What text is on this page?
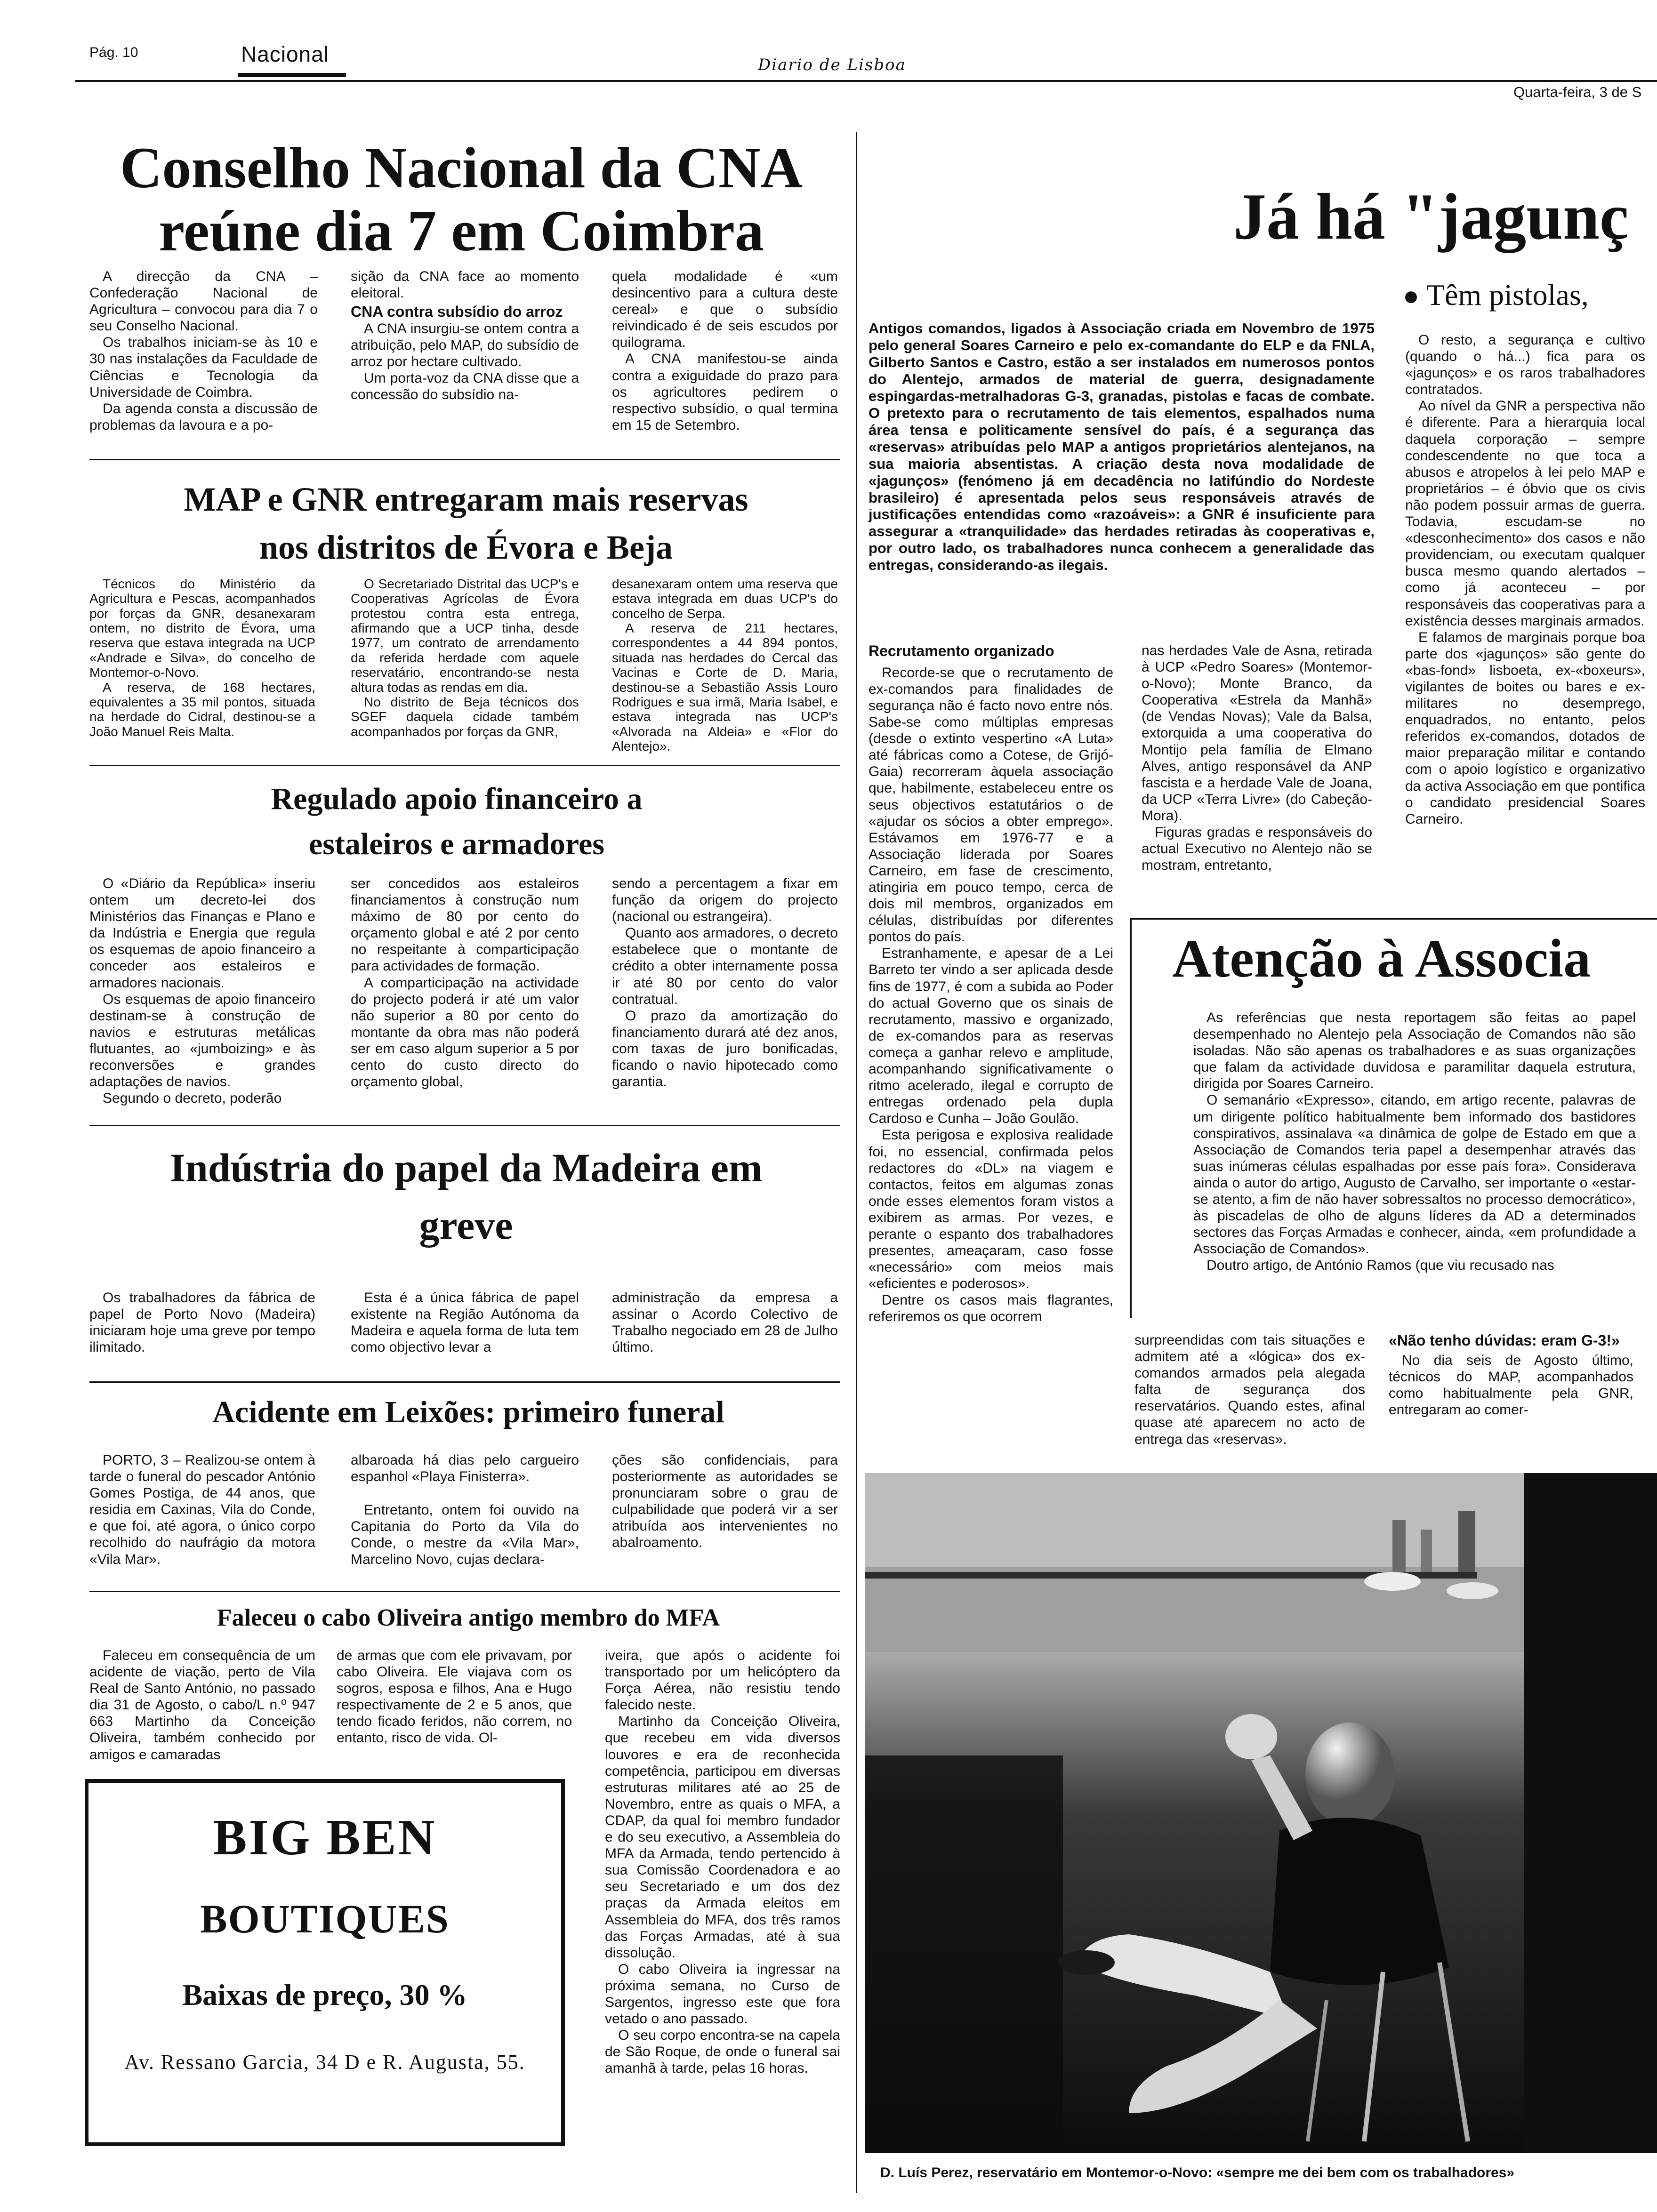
Pág. 10	Nacional	Diario de Lisboa
Quarta-feira, 3 de S
Conselho Nacional da CNA reúne dia 7 em Coimbra

A direcção da CNA – Confederação Nacional de Agricultura – convocou para dia 7 o seu Conselho Nacional.

Os trabalhos iniciam-se às 10 e 30 nas instalações da Faculdade de Ciências e Tecnologia da Universidade de Coimbra.

Da agenda consta a discussão de problemas da lavoura e a po-

sição da CNA face ao momento eleitoral.

CNA contra subsídio do arroz

A CNA insurgiu-se ontem contra a atribuição, pelo MAP, do subsídio de arroz por hectare cultivado.

Um porta-voz da CNA disse que a concessão do subsídio na-

quela modalidade é «um desincentivo para a cultura deste cereal» e que o subsídio reivindicado é de seis escudos por quilograma.

A CNA manifestou-se ainda contra a exiguidade do prazo para os agricultores pedirem o respectivo subsídio, o qual termina em 15 de Setembro.

MAP e GNR entregaram mais reservas nos distritos de Évora e Beja

Técnicos do Ministério da Agricultura e Pescas, acompanhados por forças da GNR, desanexaram ontem, no distrito de Évora, uma reserva que estava integrada na UCP «Andrade e Silva», do concelho de Montemor-o-Novo.

A reserva, de 168 hectares, equivalentes a 35 mil pontos, situada na herdade do Cidral, destinou-se a João Manuel Reis Malta.

O Secretariado Distrital das UCP's e Cooperativas Agrícolas de Évora protestou contra esta entrega, afirmando que a UCP tinha, desde 1977, um contrato de arrendamento da referida herdade com aquele reservatário, encontrando-se nesta altura todas as rendas em dia.

No distrito de Beja técnicos dos SGEF daquela cidade também acompanhados por forças da GNR,

desanexaram ontem uma reserva que estava integrada em duas UCP's do concelho de Serpa.

A reserva de 211 hectares, correspondentes a 44 894 pontos, situada nas herdades do Cercal das Vacinas e Corte de D. Maria, destinou-se a Sebastião Assis Louro Rodrigues e sua irmã, Maria Isabel, e estava integrada nas UCP's «Alvorada na Aldeia» e «Flor do Alentejo».

Regulado apoio financeiro a estaleiros e armadores

O «Diário da República» inseriu ontem um decreto-lei dos Ministérios das Finanças e Plano e da Indústria e Energia que regula os esquemas de apoio financeiro a conceder aos estaleiros e armadores nacionais.

Os esquemas de apoio financeiro destinam-se à construção de navios e estruturas metálicas flutuantes, ao «jumboizing» e às reconversões e grandes adaptações de navios.

Segundo o decreto, poderão

ser concedidos aos estaleiros financiamentos à construção num máximo de 80 por cento do orçamento global e até 2 por cento no respeitante à comparticipação para actividades de formação.

A comparticipação na actividade do projecto poderá ir até um valor não superior a 80 por cento do montante da obra mas não poderá ser em caso algum superior a 5 por cento do custo directo do orçamento global,

sendo a percentagem a fixar em função da origem do projecto (nacional ou estrangeira).

Quanto aos armadores, o decreto estabelece que o montante de crédito a obter internamente possa ir até 80 por cento do valor contratual.

O prazo da amortização do financiamento durará até dez anos, com taxas de juro bonificadas, ficando o navio hipotecado como garantia.

Indústria do papel da Madeira em greve

Os trabalhadores da fábrica de papel de Porto Novo (Madeira) iniciaram hoje uma greve por tempo ilimitado.

Esta é a única fábrica de papel existente na Região Autónoma da Madeira e aquela forma de luta tem como objectivo levar a

administração da empresa a assinar o Acordo Colectivo de Trabalho negociado em 28 de Julho último.

Acidente em Leixões: primeiro funeral

PORTO, 3 – Realizou-se ontem à tarde o funeral do pescador António Gomes Postiga, de 44 anos, que residia em Caxinas, Vila do Conde, e que foi, até agora, o único corpo recolhido do naufrágio da motora «Vila Mar».

albaroada há dias pelo cargueiro espanhol «Playa Finisterra».

Entretanto, ontem foi ouvido na Capitania do Porto da Vila do Conde, o mestre da «Vila Mar», Marcelino Novo, cujas declara-

ções são confidenciais, para posteriormente as autoridades se pronunciaram sobre o grau de culpabilidade que poderá vir a ser atribuída aos intervenientes no abalroamento.

Faleceu o cabo Oliveira antigo membro do MFA

Faleceu em consequência de um acidente de viação, perto de Vila Real de Santo António, no passado dia 31 de Agosto, o cabo/L n.º 947 663 Martinho da Conceição Oliveira, também conhecido por amigos e camaradas

de armas que com ele privavam, por cabo Oliveira. Ele viajava com os sogros, esposa e filhos, Ana e Hugo respectivamente de 2 e 5 anos, que tendo ficado feridos, não correm, no entanto, risco de vida. Ol-

iveira, que após o acidente foi transportado por um helicóptero da Força Aérea, não resistiu tendo falecido neste.

Martinho da Conceição Oliveira, que recebeu em vida diversos louvores e era de reconhecida competência, participou em diversas estruturas militares até ao 25 de Novembro, entre as quais o MFA, a CDAP, da qual foi membro fundador e do seu executivo, a Assembleia do MFA da Armada, tendo pertencido à sua Comissão Coordenadora e ao seu Secretariado e um dos dez praças da Armada eleitos em Assembleia do MFA, dos três ramos das Forças Armadas, até à sua dissolução.

O cabo Oliveira ia ingressar na próxima semana, no Curso de Sargentos, ingresso este que fora vetado o ano passado.

O seu corpo encontra-se na capela de São Roque, de onde o funeral sai amanhã à tarde, pelas 16 horas.

BIG BEN
BOUTIQUES
Baixas de preço, 30 %
Av. Ressano Garcia, 34 D e R. Augusta, 55.
Já há "jagunç
● Têm pistolas,
Antigos comandos, ligados à Associação criada em Novembro de 1975 pelo general Soares Carneiro e pelo ex-comandante do ELP e da FNLA, Gilberto Santos e Castro, estão a ser instalados em numerosos pontos do Alentejo, armados de material de guerra, designadamente espingardas-metralhadoras G-3, granadas, pistolas e facas de combate. O pretexto para o recrutamento de tais elementos, espalhados numa área tensa e politicamente sensível do país, é a segurança das «reservas» atribuídas pelo MAP a antigos proprietários alentejanos, na sua maioria absentistas. A criação desta nova modalidade de «jagunços» (fenómeno já em decadência no latifúndio do Nordeste brasileiro) é apresentada pelos seus responsáveis através de justificações entendidas como «razoáveis»: a GNR é insuficiente para assegurar a «tranquilidade» das herdades retiradas às cooperativas e, por outro lado, os trabalhadores nunca conhecem a generalidade das entregas, considerando-as ilegais.
Recrutamento organizado

Recorde-se que o recrutamento de ex-comandos para finalidades de segurança não é facto novo entre nós. Sabe-se como múltiplas empresas (desde o extinto vespertino «A Luta» até fábricas como a Cotese, de Grijó-Gaia) recorreram àquela associação que, habilmente, estabeleceu entre os seus objectivos estatutários o de «ajudar os sócios a obter emprego». Estávamos em 1976-77 e a Associação liderada por Soares Carneiro, em fase de crescimento, atingiria em pouco tempo, cerca de dois mil membros, organizados em células, distribuídas por diferentes pontos do país.

Estranhamente, e apesar de a Lei Barreto ter vindo a ser aplicada desde fins de 1977, é com a subida ao Poder do actual Governo que os sinais de recrutamento, massivo e organizado, de ex-comandos para as reservas começa a ganhar relevo e amplitude, acompanhando significativamente o ritmo acelerado, ilegal e corrupto de entregas ordenado pela dupla Cardoso e Cunha – João Goulão.

Esta perigosa e explosiva realidade foi, no essencial, confirmada pelos redactores do «DL» na viagem e contactos, feitos em algumas zonas onde esses elementos foram vistos a exibirem as armas. Por vezes, e perante o espanto dos trabalhadores presentes, ameaçaram, caso fosse «necessário» com meios mais «eficientes e poderosos».

Dentre os casos mais flagrantes, referiremos os que ocorrem

nas herdades Vale de Asna, retirada à UCP «Pedro Soares» (Montemor-o-Novo); Monte Branco, da Cooperativa «Estrela da Manhã» (de Vendas Novas); Vale da Balsa, extorquida a uma cooperativa do Montijo pela família de Elmano Alves, antigo responsável da ANP fascista e a herdade Vale de Joana, da UCP «Terra Livre» (do Cabeção-Mora).

Figuras gradas e responsáveis do actual Executivo no Alentejo não se mostram, entretanto,

O resto, a segurança e cultivo (quando o há...) fica para os «jagunços» e os raros trabalhadores contratados.

Ao nível da GNR a perspectiva não é diferente. Para a hierarquia local daquela corporação – sempre condescendente no que toca a abusos e atropelos à lei pelo MAP e proprietários – é óbvio que os civis não podem possuir armas de guerra. Todavia, escudam-se no «desconhecimento» dos casos e não providenciam, ou executam qualquer busca mesmo quando alertados – como já aconteceu – por responsáveis das cooperativas para a existência desses marginais armados.

E falamos de marginais porque boa parte dos «jagunços» são gente do «bas-fond» lisboeta, ex-«boxeurs», vigilantes de boites ou bares e ex-militares no desemprego, enquadrados, no entanto, pelos referidos ex-comandos, dotados de maior preparação militar e contando com o apoio logístico e organizativo da activa Associação em que pontifica o candidato presidencial Soares Carneiro.

Atenção à Associa

As referências que nesta reportagem são feitas ao papel desempenhado no Alentejo pela Associação de Comandos não são isoladas. Não são apenas os trabalhadores e as suas organizações que falam da actividade duvidosa e paramilitar daquela estrutura, dirigida por Soares Carneiro.

O semanário «Expresso», citando, em artigo recente, palavras de um dirigente político habitualmente bem informado dos bastidores conspirativos, assinalava «a dinâmica de golpe de Estado em que a Associação de Comandos teria papel a desempenhar através das suas inúmeras células espalhadas por esse país fora». Considerava ainda o autor do artigo, Augusto de Carvalho, ser importante o «estar-se atento, a fim de não haver sobressaltos no processo democrático», às piscadelas de olho de alguns líderes da AD a determinados sectores das Forças Armadas e conhecer, ainda, «em profundidade a Associação de Comandos».

Doutro artigo, de António Ramos (que viu recusado nas

surpreendidas com tais situações e admitem até a «lógica» dos ex-comandos armados pela alegada falta de segurança dos reservatários. Quando estes, afinal quase até aparecem no acto de entrega das «reservas».

«Não tenho dúvidas: eram G-3!»

No dia seis de Agosto último, técnicos do MAP, acompanhados como habitualmente pela GNR, entregaram ao comer-

D. Luís Perez, reservatário em Montemor-o-Novo: «sempre me dei bem com os trabalhadores»
